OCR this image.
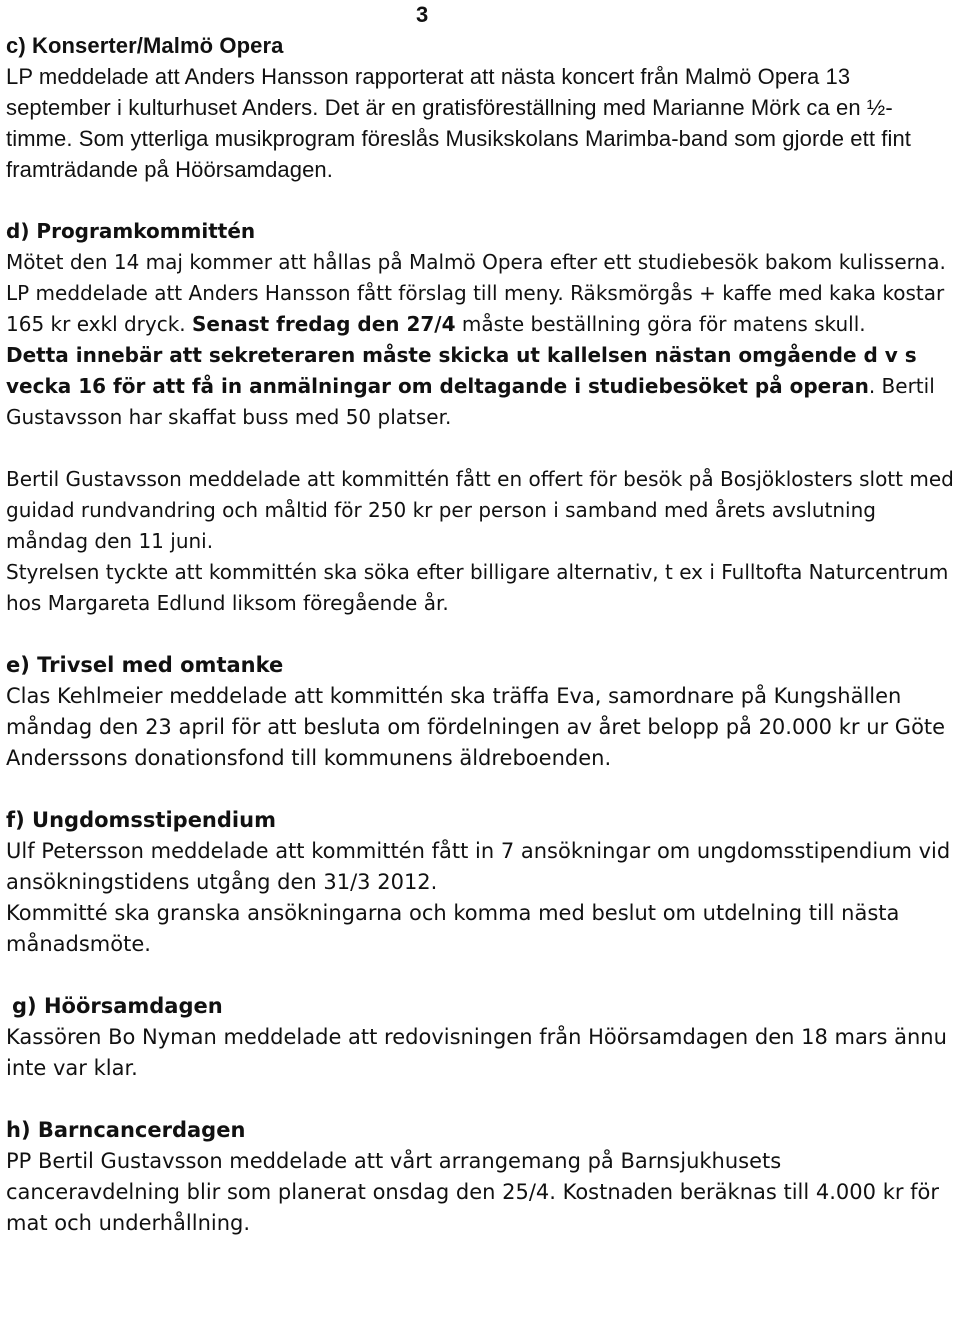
3
c) Konserter/Malmö Opera

LP meddelade att Anders Hansson rapporterat att nästa koncert från Malmö Opera 13 september i kulturhuset Anders. Det är en gratisföreställning med Marianne Mörk ca en ½-timme. Som ytterliga musikprogram föreslås Musikskolans Marimba-band som gjorde ett fint framträdande på Höörsamdagen.

d) Programkommittén

Mötet den 14 maj kommer att hållas på Malmö Opera efter ett studiebesök bakom kulisserna. LP meddelade att Anders Hansson fått förslag till meny. Räksmörgås + kaffe med kaka kostar 165 kr exkl dryck. Senast fredag den 27/4 måste beställning göra för matens skull.

Detta innebär att sekreteraren måste skicka ut kallelsen nästan omgående d v s vecka 16 för att få in anmälningar om deltagande i studiebesöket på operan. Bertil Gustavsson har skaffat buss med 50 platser.

Bertil Gustavsson meddelade att kommittén fått en offert för besök på Bosjöklosters slott med guidad rundvandring och måltid för 250 kr per person i samband med årets avslutning måndag den 11 juni.

Styrelsen tyckte att kommittén ska söka efter billigare alternativ, t ex i Fulltofta Naturcentrum hos Margareta Edlund liksom föregående år.

e) Trivsel med omtanke

Clas Kehlmeier meddelade att kommittén ska träffa Eva, samordnare på Kungshällen måndag den 23 april för att besluta om fördelningen av året belopp på 20.000 kr ur Göte Anderssons donationsfond till kommunens äldreboenden.

f) Ungdomsstipendium

Ulf Petersson meddelade att kommittén fått in 7 ansökningar om ungdomsstipendium vid ansökningstidens utgång den 31/3 2012.

Kommitté ska granska ansökningarna och komma med beslut om utdelning till nästa månadsmöte.

g) Höörsamdagen

Kassören Bo Nyman meddelade att redovisningen från Höörsamdagen den 18 mars ännu inte var klar.

h) Barncancerdagen

PP Bertil Gustavsson meddelade att vårt arrangemang på Barnsjukhusets canceravdelning blir som planerat onsdag den 25/4. Kostnaden beräknas till 4.000 kr för mat och underhållning.
